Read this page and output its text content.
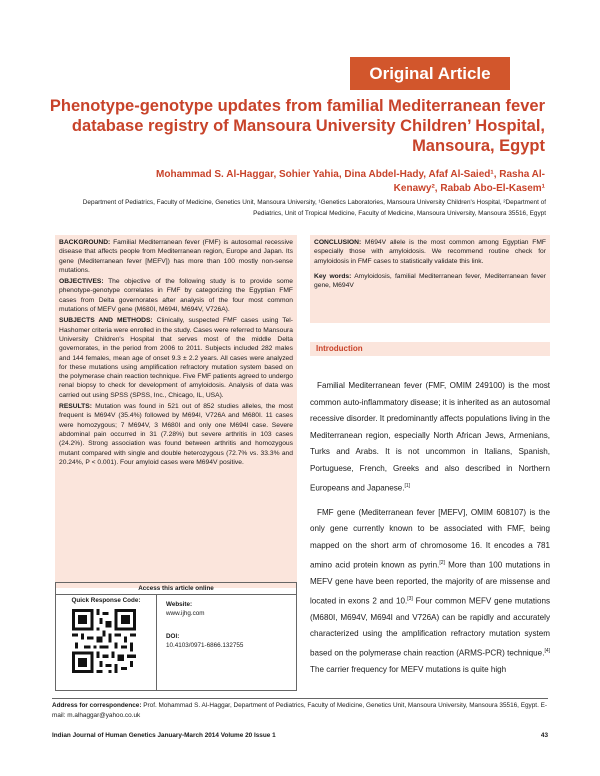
Original Article
Phenotype-genotype updates from familial Mediterranean fever database registry of Mansoura University Children’ Hospital, Mansoura, Egypt
Mohammad S. Al-Haggar, Sohier Yahia, Dina Abdel-Hady, Afaf Al-Saied¹, Rasha Al-Kenawy², Rabab Abo-El-Kasem¹
Department of Pediatrics, Faculty of Medicine, Genetics Unit, Mansoura University, ¹Genetics Laboratories, Mansoura University Children's Hospital, ²Department of Pediatrics, Unit of Tropical Medicine, Faculty of Medicine, Mansoura University, Mansoura 35516, Egypt

BACKGROUND: Familial Mediterranean fever (FMF) is autosomal recessive disease that affects people from Mediterranean region, Europe and Japan. Its gene (Mediterranean fever [MEFV]) has more than 100 mostly non-sense mutations.

OBJECTIVES: The objective of the following study is to provide some phenotype-genotype correlates in FMF by categorizing the Egyptian FMF cases from Delta governorates after analysis of the four most common mutations of MEFV gene (M680I, M694I, M694V, V726A).

SUBJECTS AND METHODS: Clinically, suspected FMF cases using Tel-Hashomer criteria were enrolled in the study. Cases were referred to Mansoura University Children's Hospital that serves most of the middle Delta governorates, in the period from 2006 to 2011. Subjects included 282 males and 144 females, mean age of onset 9.3 ± 2.2 years. All cases were analyzed for these mutations using amplification refractory mutation system based on the polymerase chain reaction technique. Five FMF patients agreed to undergo renal biopsy to check for development of amyloidosis. Analysis of data was carried out using SPSS (SPSS, Inc., Chicago, IL, USA).

RESULTS: Mutation was found in 521 out of 852 studies alleles, the most frequent is M694V (35.4%) followed by M694I, V726A and M680I. 11 cases were homozygous; 7 M694V, 3 M680I and only one M694I case. Severe abdominal pain occurred in 31 (7.28%) but severe arthritis in 103 cases (24.2%). Strong association was found between arthritis and homozygous mutant compared with single and double heterozygous (72.7% vs. 33.3% and 20.24%, P < 0.001). Four amyloid cases were M694V positive.

CONCLUSION: M694V allele is the most common among Egyptian FMF especially those with amyloidosis. We recommend routine check for amyloidosis in FMF cases to statistically validate this link.

Key words: Amyloidosis, familial Mediterranean fever, Mediterranean fever gene, M694V

Access this article online
Quick Response Code:
Website:
www.ijhg.com
DOI:
10.4103/0971-6866.132755
Introduction

Familial Mediterranean fever (FMF, OMIM 249100) is the most common auto-inflammatory disease; it is inherited as an autosomal recessive disorder. It predominantly affects populations living in the Mediterranean region, especially North African Jews, Armenians, Turks and Arabs. It is not uncommon in Italians, Spanish, Portuguese, French, Greeks and also described in Northern Europeans and Japanese.[1]

FMF gene (Mediterranean fever [MEFV], OMIM 608107) is the only gene currently known to be associated with FMF, being mapped on the short arm of chromosome 16. It encodes a 781 amino acid protein known as pyrin.[2] More than 100 mutations in MEFV gene have been reported, the majority of are missense and located in exons 2 and 10.[3] Four common MEFV gene mutations (M680I, M694V, M694I and V726A) can be rapidly and accurately characterized using the amplification refractory mutation system based on the polymerase chain reaction (ARMS-PCR) technique.[4] The carrier frequency for MEFV mutations is quite high

Address for correspondence: Prof. Mohammad S. Al-Haggar, Department of Pediatrics, Faculty of Medicine, Genetics Unit, Mansoura University, Mansoura 35516, Egypt. E-mail: m.alhaggar@yahoo.co.uk
Indian Journal of Human Genetics January-March 2014 Volume 20 Issue 1	43
